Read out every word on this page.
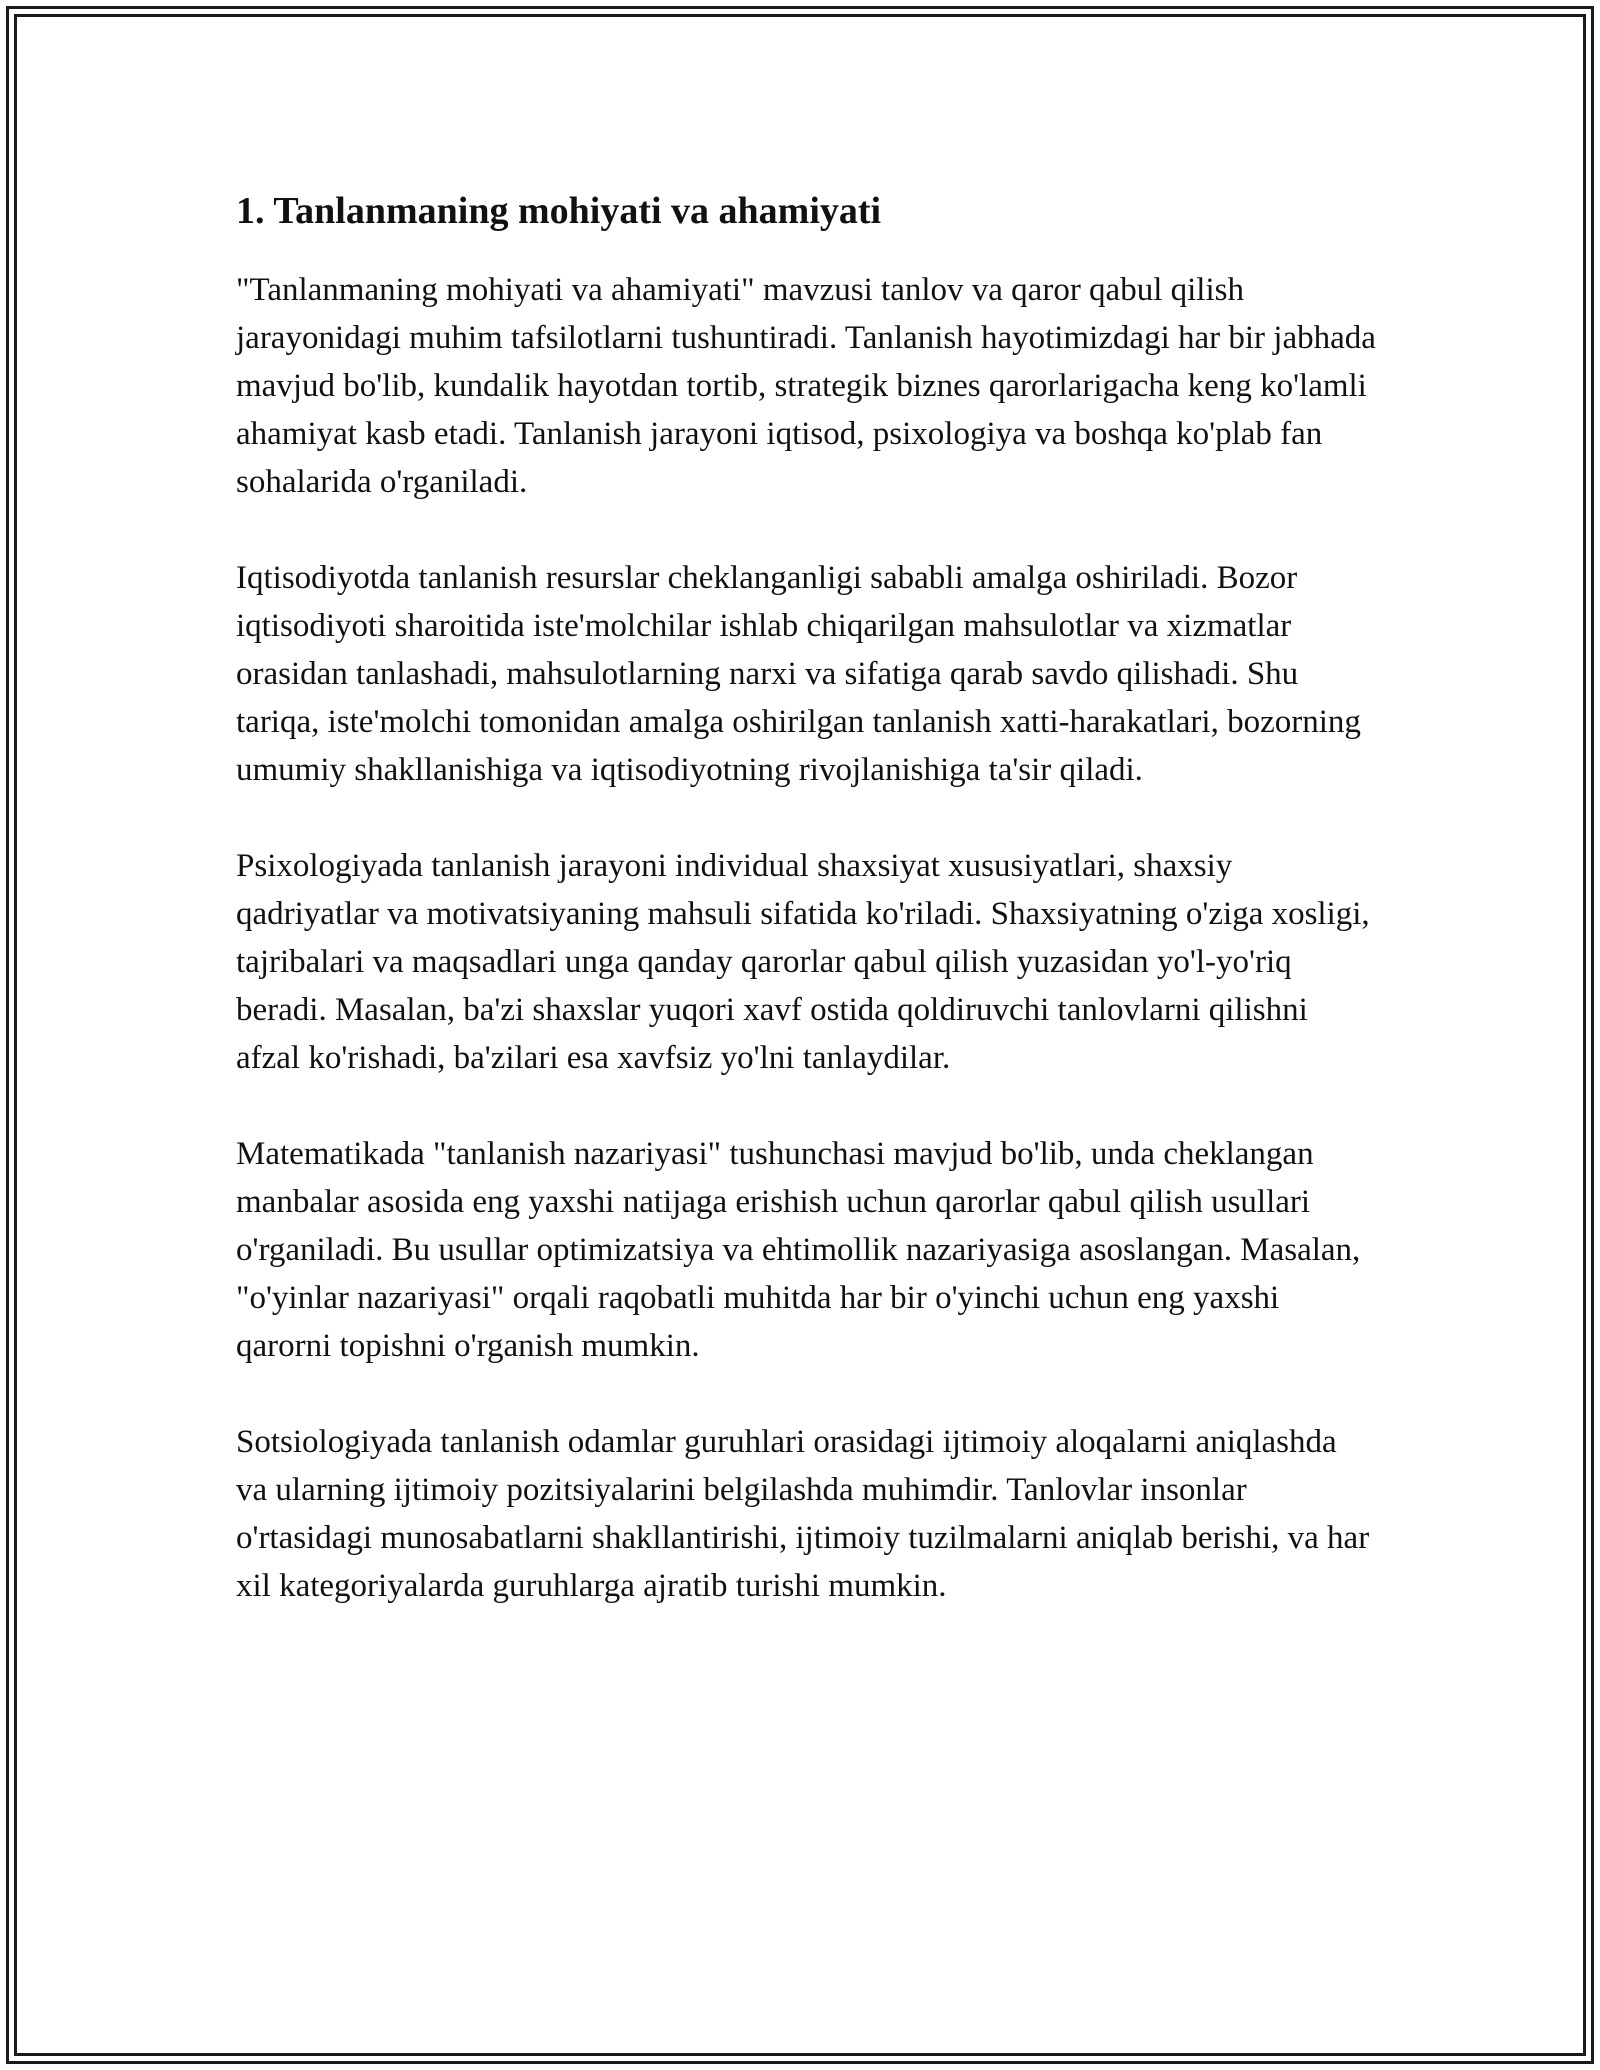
1. Tanlanmaning mohiyati va ahamiyati

"Tanlanmaning mohiyati va ahamiyati" mavzusi tanlov va qaror qabul qilish jarayonidagi muhim tafsilotlarni tushuntiradi. Tanlanish hayotimizdagi har bir jabhada mavjud bo'lib, kundalik hayotdan tortib, strategik biznes qarorlarigacha keng ko'lamli ahamiyat kasb etadi. Tanlanish jarayoni iqtisod, psixologiya va boshqa ko'plab fan sohalarida o'rganiladi.

Iqtisodiyotda tanlanish resurslar cheklanganligi sababli amalga oshiriladi. Bozor iqtisodiyoti sharoitida iste'molchilar ishlab chiqarilgan mahsulotlar va xizmatlar orasidan tanlashadi, mahsulotlarning narxi va sifatiga qarab savdo qilishadi. Shu tariqa, iste'molchi tomonidan amalga oshirilgan tanlanish xatti-harakatlari, bozorning umumiy shakllanishiga va iqtisodiyotning rivojlanishiga ta'sir qiladi.

Psixologiyada tanlanish jarayoni individual shaxsiyat xususiyatlari, shaxsiy qadriyatlar va motivatsiyaning mahsuli sifatida ko'riladi. Shaxsiyatning o'ziga xosligi, tajribalari va maqsadlari unga qanday qarorlar qabul qilish yuzasidan yo'l-yo'riq beradi. Masalan, ba'zi shaxslar yuqori xavf ostida qoldiruvchi tanlovlarni qilishni afzal ko'rishadi, ba'zilari esa xavfsiz yo'lni tanlaydilar.

Matematikada "tanlanish nazariyasi" tushunchasi mavjud bo'lib, unda cheklangan manbalar asosida eng yaxshi natijaga erishish uchun qarorlar qabul qilish usullari o'rganiladi. Bu usullar optimizatsiya va ehtimollik nazariyasiga asoslangan. Masalan, "o'yinlar nazariyasi" orqali raqobatli muhitda har bir o'yinchi uchun eng yaxshi qarorni topishni o'rganish mumkin.

Sotsiologiyada tanlanish odamlar guruhlari orasidagi ijtimoiy aloqalarni aniqlashda va ularning ijtimoiy pozitsiyalarini belgilashda muhimdir. Tanlovlar insonlar o'rtasidagi munosabatlarni shakllantirishi, ijtimoiy tuzilmalarni aniqlab berishi, va har xil kategoriyalarda guruhlarga ajratib turishi mumkin.
